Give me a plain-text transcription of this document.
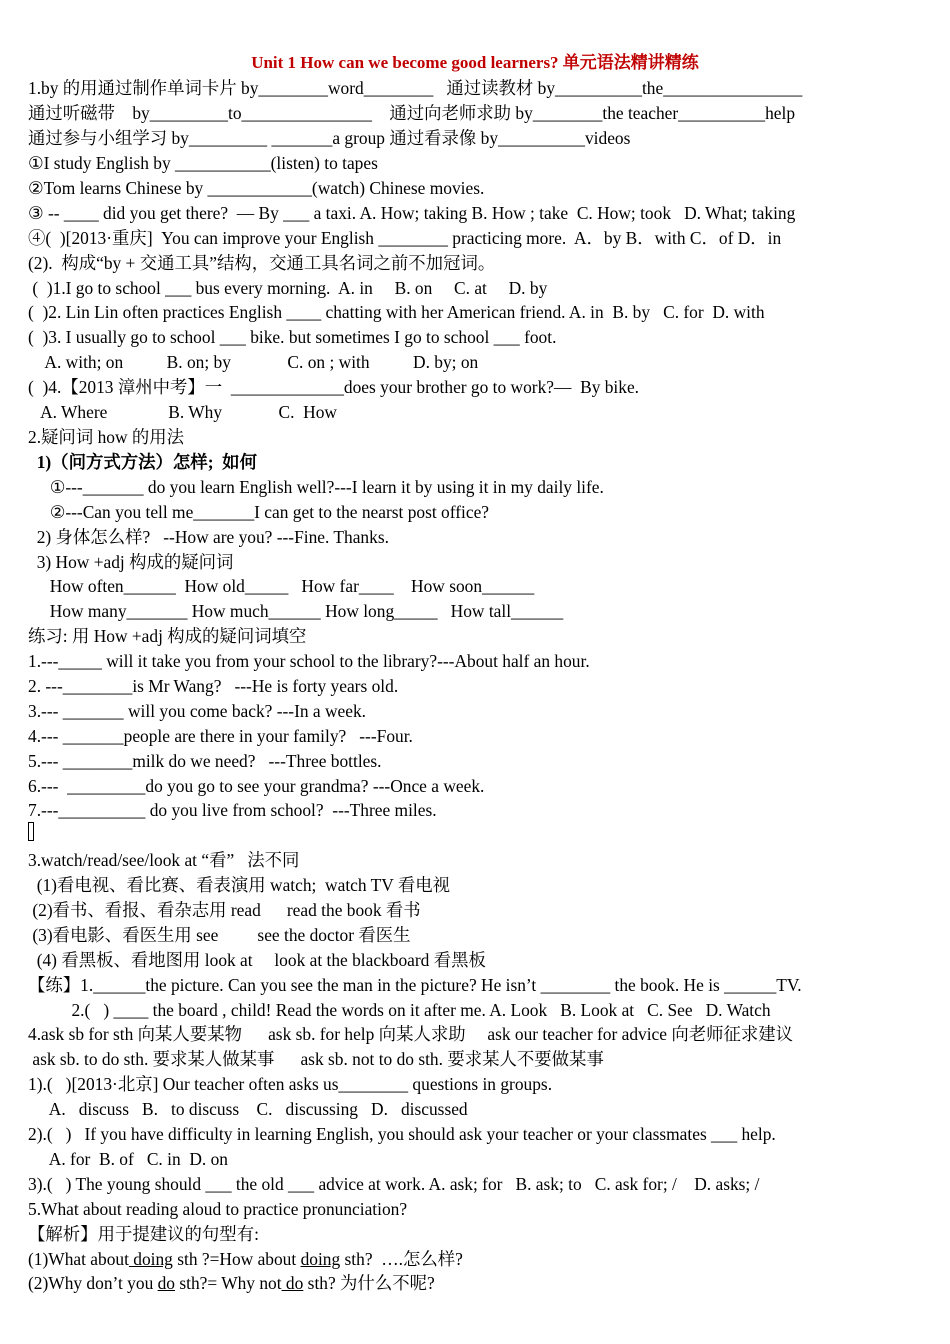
Unit 1 How can we become good learners? 单元语法精讲精练
1.by 的用通过制作单词卡片 by________word________   通过读教材 by__________the________________
通过听磁带    by_________to_______________    通过向老师求助 by________the teacher__________help
通过参与小组学习 by_________ _______a group 通过看录像 by__________videos
①I study English by ___________(listen) to tapes
②Tom learns Chinese by ____________(watch) Chinese movies.
③ -- ____ did you get there?  — By ___ a taxi. A. How; taking B. How ; take  C. How; took   D. What; taking
④(  )[2013·重庆]  You can improve your English ________ practicing more.  A．by B．with C．of D．in
(2).  构成“by + 交通工具”结构，交通工具名词之前不加冠词。
(  )1.I go to school ___ bus every morning.  A. in     B. on     C. at     D. by
(  )2. Lin Lin often practices English ____ chatting with her American friend. A. in  B. by   C. for  D. with
(  )3. I usually go to school ___ bike. but sometimes I go to school ___ foot.
A. with; on          B. on; by             C. on ; with          D. by; on
(  )4.【2013 漳州中考】一  _____________does your brother go to work?—  By bike.
A. Where              B. Why             C.  How
2.疑问词 how 的用法
1)（问方式方法）怎样;  如何
①---_______ do you learn English well?---I learn it by using it in my daily life.
②---Can you tell me_______I can get to the nearst post office?
2) 身体怎么样?   --How are you? ---Fine. Thanks.
3) How +adj 构成的疑问词
How often______  How old_____   How far____    How soon______
How many_______ How much______ How long_____   How tall______
练习: 用 How +adj 构成的疑问词填空
1.---_____ will it take you from your school to the library?---About half an hour.
2. ---________is Mr Wang?   ---He is forty years old.
3.--- _______ will you come back? ---In a week.
4.--- _______people are there in your family?   ---Four.
5.--- ________milk do we need?   ---Three bottles.
6.---  _________do you go to see your grandma? ---Once a week.
7.---__________ do you live from school?  ---Three miles.
3.watch/read/see/look at “看”   法不同
(1)看电视、看比赛、看表演用 watch;  watch TV 看电视
(2)看书、看报、看杂志用 read      read the book 看书
(3)看电影、看医生用 see         see the doctor 看医生
(4) 看黑板、看地图用 look at     look at the blackboard 看黑板
【练】1.______the picture. Can you see the man in the picture? He isn’t ________ the book. He is ______TV.
2.(   ) ____ the board , child! Read the words on it after me. A. Look   B. Look at   C. See   D. Watch
4.ask sb for sth 向某人要某物      ask sb. for help 向某人求助     ask our teacher for advice 向老师征求建议
ask sb. to do sth. 要求某人做某事      ask sb. not to do sth. 要求某人不要做某事
1).(   )[2013·北京] Our teacher often asks us________ questions in groups.
A.   discuss   B.   to discuss    C.   discussing   D.   discussed
2).(   )   If you have difficulty in learning English, you should ask your teacher or your classmates ___ help.
A. for  B. of   C. in  D. on
3).(   ) The young should ___ the old ___ advice at work. A. ask; for   B. ask; to   C. ask for; /    D. asks; /
5.What about reading aloud to practice pronunciation?
【解析】用于提建议的句型有:
(1)What about doing sth ?=How about doing sth?  ….怎么样?
(2)Why don’t you do sth?= Why not do sth? 为什么不呢?
